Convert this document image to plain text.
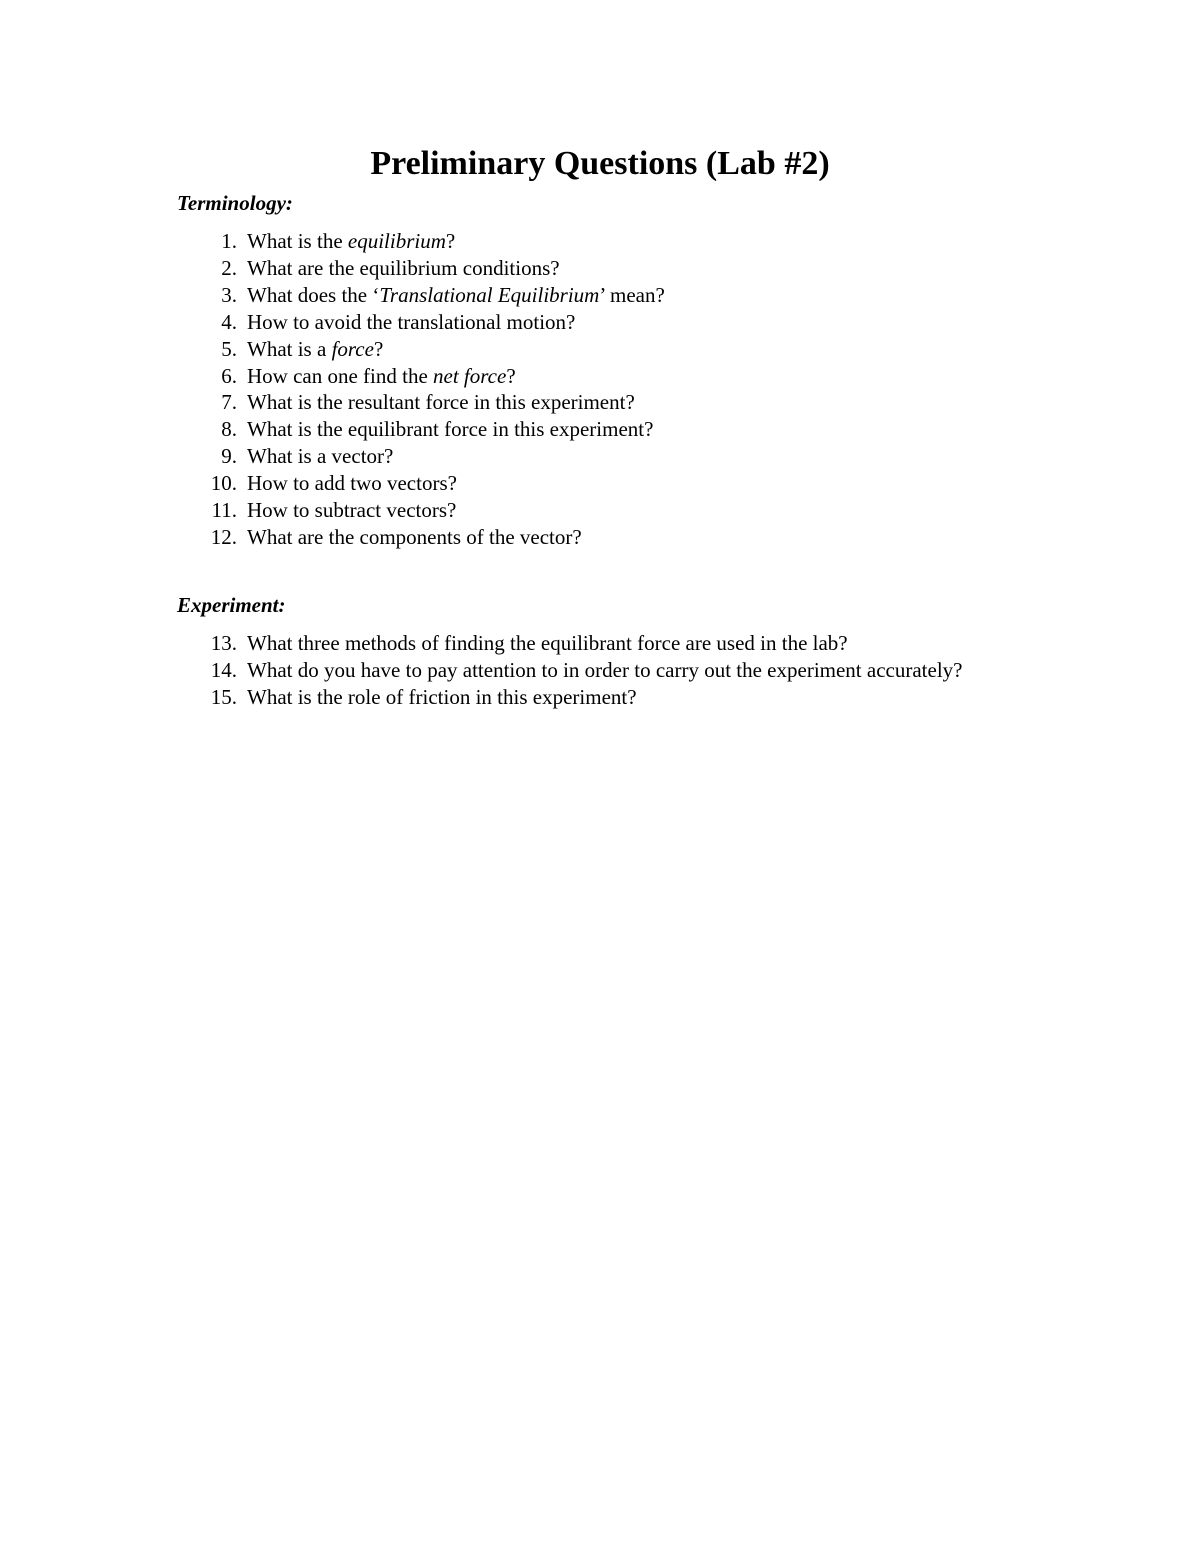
Preliminary Questions (Lab #2)
Terminology:
1. What is the equilibrium?
2. What are the equilibrium conditions?
3. What does the ‘Translational Equilibrium’ mean?
4. How to avoid the translational motion?
5. What is a force?
6. How can one find the net force?
7. What is the resultant force in this experiment?
8. What is the equilibrant force in this experiment?
9. What is a vector?
10. How to add two vectors?
11. How to subtract vectors?
12. What are the components of the vector?
Experiment:
13. What three methods of finding the equilibrant force are used in the lab?
14. What do you have to pay attention to in order to carry out the experiment accurately?
15. What is the role of friction in this experiment?
